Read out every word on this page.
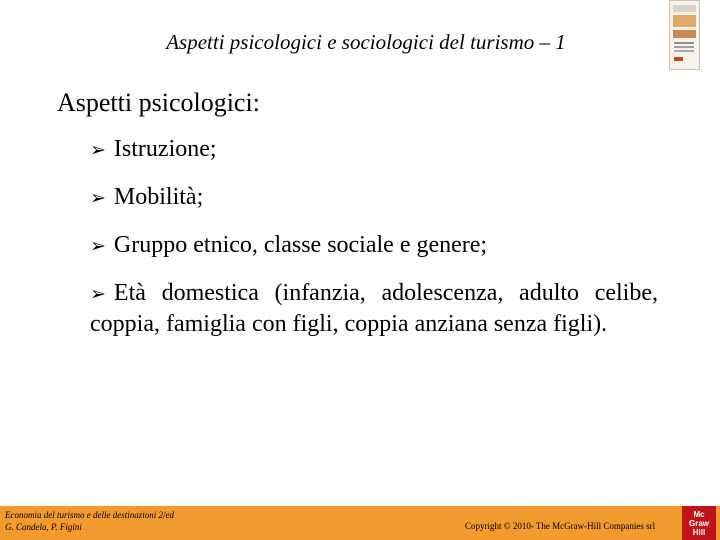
Aspetti psicologici e sociologici del turismo – 1
Aspetti psicologici:
➢ Istruzione;
➢ Mobilità;
➢ Gruppo etnico, classe sociale e genere;
➢ Età domestica (infanzia, adolescenza, adulto celibe, coppia, famiglia con figli, coppia anziana senza figli).
Economia del turismo e delle destinazioni 2/ed
G. Candela, P. Figini	Copyright © 2010- The McGraw-Hill Companies srl
Mc
Graw
Hill
